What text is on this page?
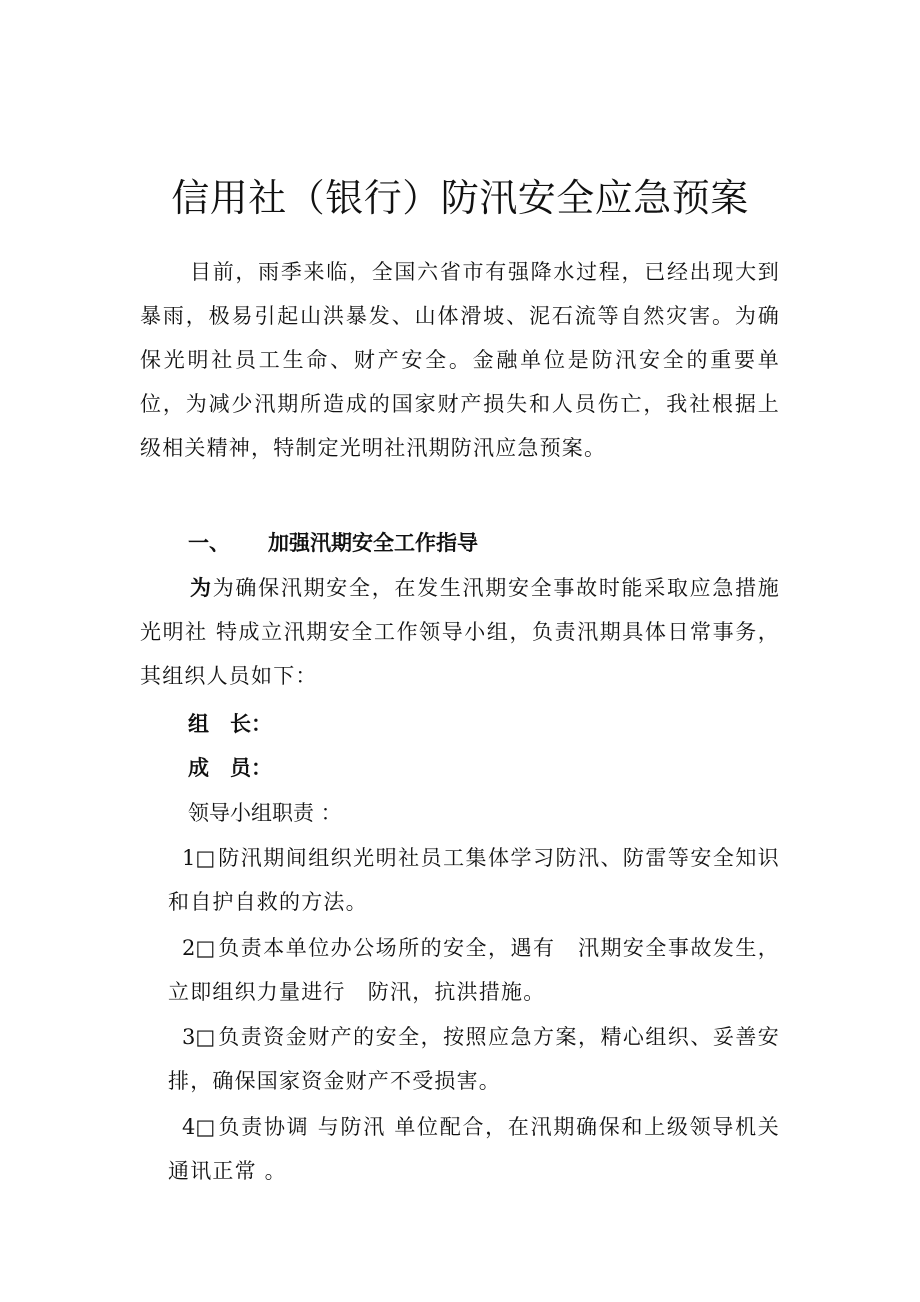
信用社（银行）防汛安全应急预案

目前，雨季来临，全国六省市有强降水过程，已经出现大到暴雨，极易引起山洪暴发、山体滑坡、泥石流等自然灾害。为确保光明社员工生命、财产安全。金融单位是防汛安全的重要单位，为减少汛期所造成的国家财产损失和人员伤亡，我社根据上级相关精神，特制定光明社汛期防汛应急预案。

一、 加强汛期安全工作指导

为为确保汛期安全，在发生汛期安全事故时能采取应急措施光明社 特成立汛期安全工作领导小组，负责汛期具体日常事务，其组织人员如下：

组　长：

成　员：

领导小组职责 ：

1□ 防汛期间组织光明社员工集体学习防汛、防雷等安全知识和自护自救的方法。

2□ 负责本单位办公场所的安全，遇有　汛期安全事故发生，立即组织力量进行　防汛，抗洪措施。

3□ 负责资金财产的安全，按照应急方案，精心组织、妥善安排，确保国家资金财产不受损害。

4□ 负责协调 与防汛 单位配合，在汛期确保和上级领导机关通讯正常 。
